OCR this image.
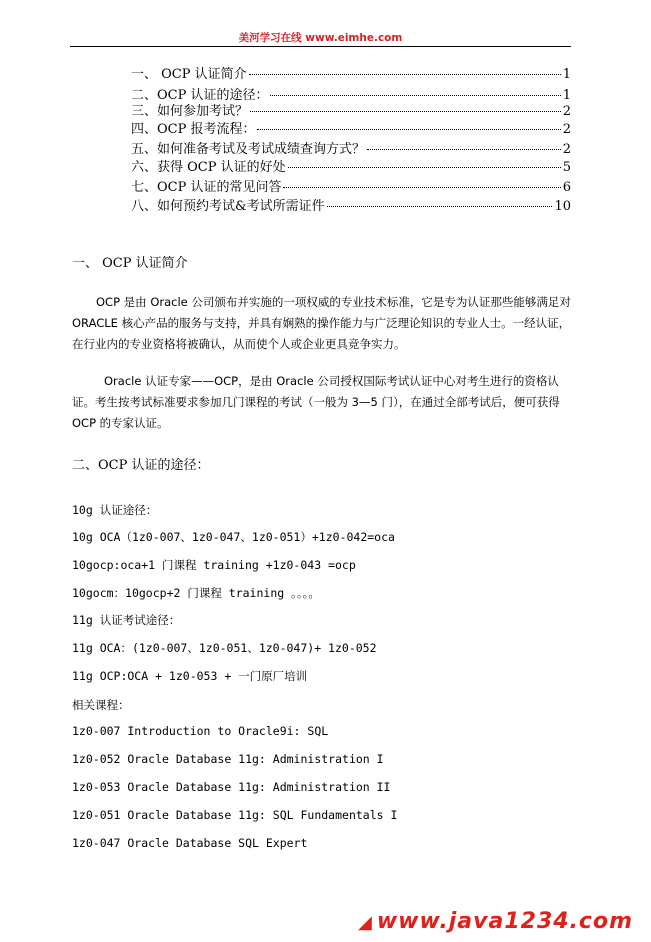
美河学习在线 www.eimhe.com
一、 OCP 认证简介	1
二、OCP 认证的途径：	1
三、如何参加考试？	2
四、OCP 报考流程：	2
五、如何准备考试及考试成绩查询方式？	2
六、获得 OCP 认证的好处	5
七、OCP 认证的常见问答	6
八、如何预约考试&考试所需证件	10
一、 OCP 认证简介
OCP 是由 Oracle 公司颁布并实施的一项权威的专业技术标准，它是专为认证那些能够满足对 ORACLE 核心产品的服务与支持，并具有娴熟的操作能力与广泛理论知识的专业人士。一经认证，在行业内的专业资格将被确认，从而使个人或企业更具竞争实力。
Oracle 认证专家——OCP，是由 Oracle 公司授权国际考试认证中心对考生进行的资格认证。考生按考试标准要求参加几门课程的考试（一般为 3—5 门），在通过全部考试后，便可获得 OCP 的专家认证。
二、OCP 认证的途径：
10g 认证途径：
10g OCA（1z0-007、1z0-047、1z0-051）+1z0-042=oca
10gocp:oca+1 门课程 training +1z0-043 =ocp
10gocm：10gocp+2 门课程 training 。。。。
11g 认证考试途径：
11g OCA：(1z0-007、1z0-051、1z0-047)+ 1z0-052
11g OCP:OCA + 1z0-053 + 一门原厂培训
相关课程：
1z0-007 Introduction to Oracle9i: SQL
1z0-052 Oracle Database 11g: Administration I
1z0-053 Oracle Database 11g: Administration II
1z0-051 Oracle Database 11g: SQL Fundamentals I
1z0-047 Oracle Database SQL Expert
◢ www.java1234.com
